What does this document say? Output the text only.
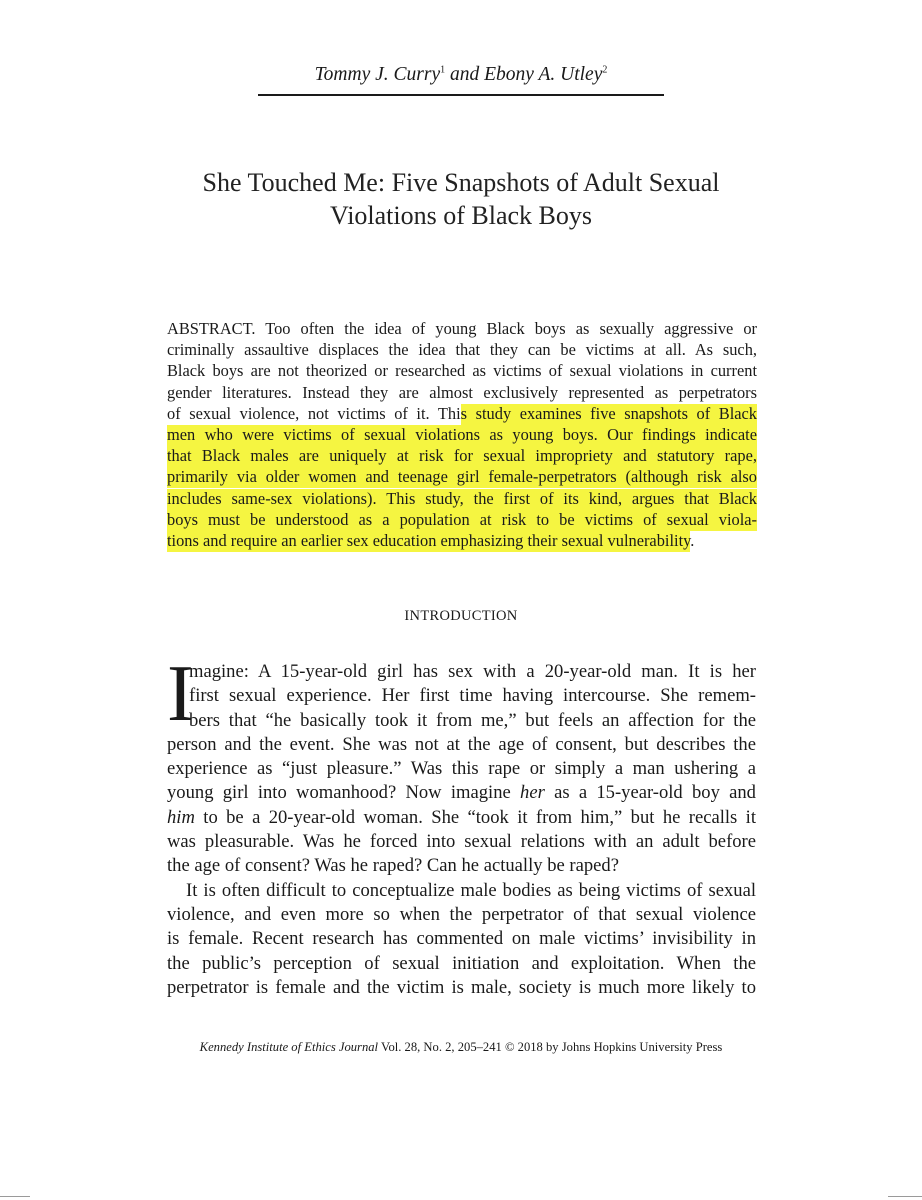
Tommy J. Curry$^1$ and Ebony A. Utley$^2$
She Touched Me: Five Snapshots of Adult Sexual
Violations of Black Boys
ABSTRACT. Too often the idea of young Black boys as sexually aggressive or
criminally assaultive displaces the idea that they can be victims at all. As such,
Black boys are not theorized or researched as victims of sexual violations in current
gender literatures. Instead they are almost exclusively represented as perpetrators
of sexual violence, not victims of it. This study examines five snapshots of Black
men who were victims of sexual violations as young boys. Our findings indicate
that Black males are uniquely at risk for sexual impropriety and statutory rape,
primarily via older women and teenage girl female-perpetrators (although risk also
includes same-sex violations). This study, the first of its kind, argues that Black
boys must be understood as a population at risk to be victims of sexual viola-
tions and require an earlier sex education emphasizing their sexual vulnerability.
INTRODUCTION
I
magine: A 15-year-old girl has sex with a 20-year-old man. It is her
first sexual experience. Her first time having intercourse. She remem-
bers that “he basically took it from me,” but feels an affection for the
person and the event. She was not at the age of consent, but describes the
experience as “just pleasure.” Was this rape or simply a man ushering a
young girl into womanhood? Now imagine her as a 15-year-old boy and
him to be a 20-year-old woman. She “took it from him,” but he recalls it
was pleasurable. Was he forced into sexual relations with an adult before
the age of consent? Was he raped? Can he actually be raped?
It is often difficult to conceptualize male bodies as being victims of sexual
violence, and even more so when the perpetrator of that sexual violence
is female. Recent research has commented on male victims’ invisibility in
the public’s perception of sexual initiation and exploitation. When the
perpetrator is female and the victim is male, society is much more likely to
Kennedy Institute of Ethics Journal Vol. 28, No. 2, 205–241 © 2018 by Johns Hopkins University Press
